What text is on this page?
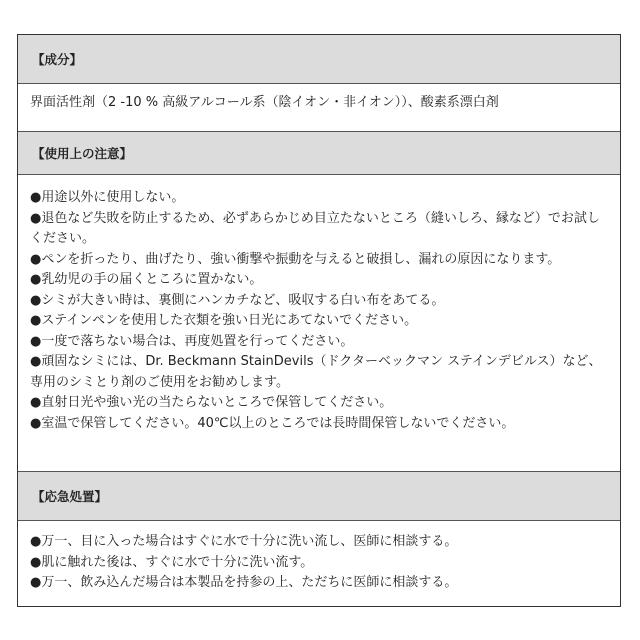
【成分】

界面活性剤（2 -10 % 高級アルコール系（陰イオン・非イオン））、酸素系漂白剤

【使用上の注意】

●用途以外に使用しない。

●退色など失敗を防止するため、必ずあらかじめ目立たないところ（縫いしろ、縁など）でお試しください。

●ペンを折ったり、曲げたり、強い衝撃や振動を与えると破損し、漏れの原因になります。

●乳幼児の手の届くところに置かない。

●シミが大きい時は、裏側にハンカチなど、吸収する白い布をあてる。

●ステインペンを使用した衣類を強い日光にあてないでください。

●一度で落ちない場合は、再度処置を行ってください。

●頑固なシミには、Dr. Beckmann StainDevils（ドクターベックマン ステインデビルス）など、専用のシミとり剤のご使用をお勧めします。

●直射日光や強い光の当たらないところで保管してください。

●室温で保管してください。40℃以上のところでは長時間保管しないでください。

【応急処置】

●万一、目に入った場合はすぐに水で十分に洗い流し、医師に相談する。

●肌に触れた後は、すぐに水で十分に洗い流す。

●万一、飲み込んだ場合は本製品を持参の上、ただちに医師に相談する。
